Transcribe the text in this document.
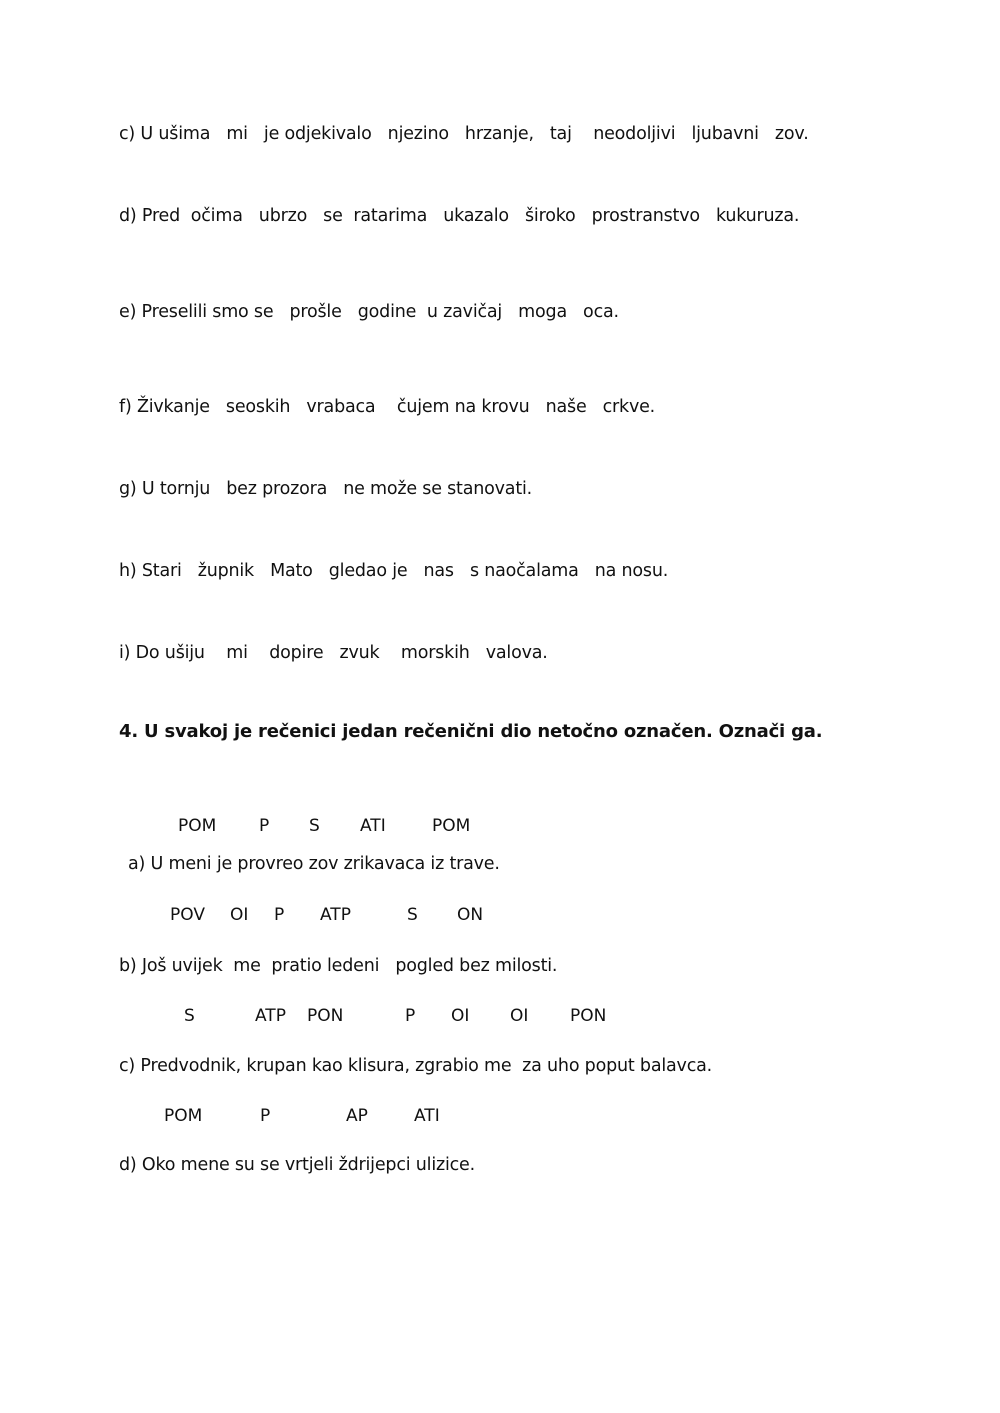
c) U ušima   mi   je odjekivalo   njezino   hrzanje,   taj    neodoljivi   ljubavni   zov.
d) Pred  očima   ubrzo   se  ratarima   ukazalo   široko   prostranstvo   kukuruza.
e) Preselili smo se   prošle   godine  u zavičaj   moga   oca.
f) Živkanje   seoskih   vrabaca    čujem na krovu   naše   crkve.
g) U tornju   bez prozora   ne može se stanovati.
h) Stari   župnik   Mato   gledao je   nas   s naočalama   na nosu.
i) Do ušiju    mi    dopire   zvuk    morskih   valova.
4. U svakoj je rečenici jedan rečenični dio netočno označen. Označi ga.
POM	P S ATI	POM
a) U meni je provreo zov zrikavaca iz trave.
POV OI P ATP	S ON
b) Još uvijek  me  pratio ledeni   pogled bez milosti.
S	ATP PON	P OI OI PON
c) Predvodnik, krupan kao klisura, zgrabio me  za uho poput balavca.
POM	P	AP	ATI
d) Oko mene su se vrtjeli ždrijepci ulizice.
